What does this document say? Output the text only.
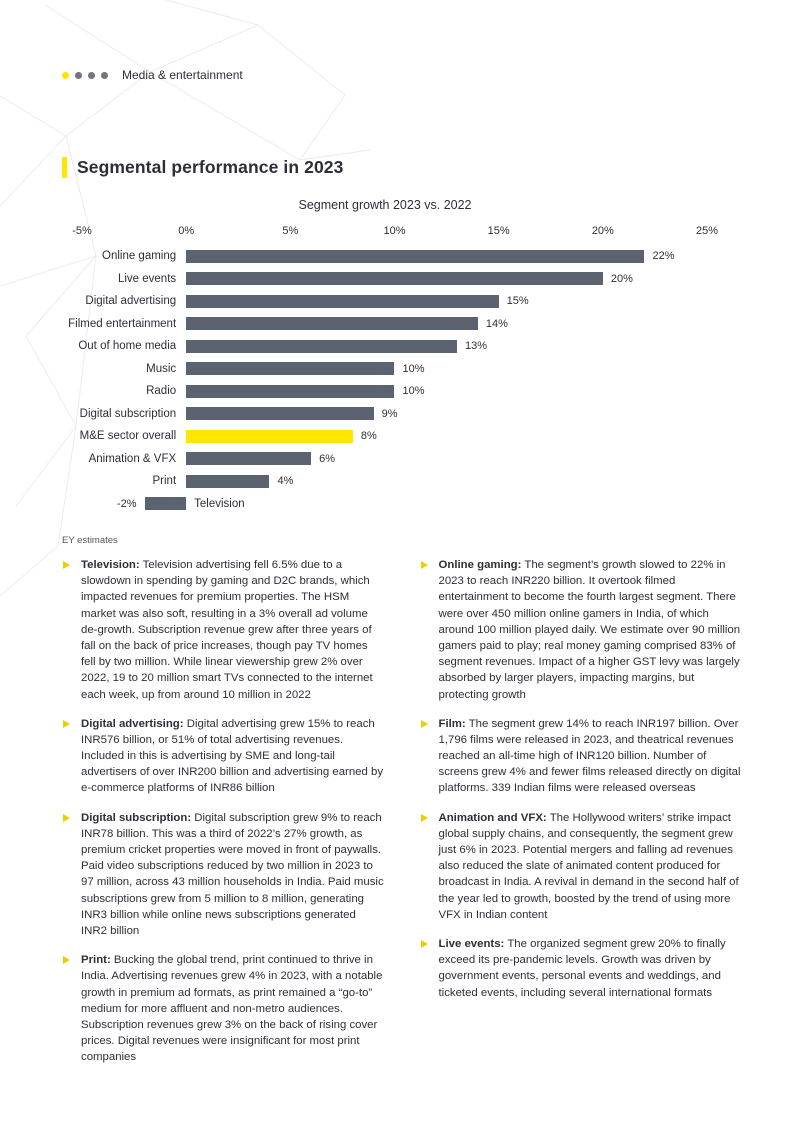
Media & entertainment
Segmental performance in 2023
Segment growth 2023 vs. 2022
-5%	0%	5%	10%	15%	20%	25%
Online gaming	22%
Live events	20%
Digital advertising	15%
Filmed entertainment	14%
Out of home media	13%
Music	10%
Radio	10%
Digital subscription	9%
M&E sector overall	8%
Animation & VFX	6%
Print	4%
Television
-2%
EY estimates

Television: Television advertising fell 6.5% due to a slowdown in spending by gaming and D2C brands, which impacted revenues for premium properties. The HSM market was also soft, resulting in a 3% overall ad volume de-growth. Subscription revenue grew after three years of fall on the back of price increases, though pay TV homes fell by two million. While linear viewership grew 2% over 2022, 19 to 20 million smart TVs connected to the internet each week, up from around 10 million in 2022

Digital advertising: Digital advertising grew 15% to reach INR576 billion, or 51% of total advertising revenues. Included in this is advertising by SME and long-tail advertisers of over INR200 billion and advertising earned by e-commerce platforms of INR86 billion

Digital subscription: Digital subscription grew 9% to reach INR78 billion. This was a third of 2022’s 27% growth, as premium cricket properties were moved in front of paywalls. Paid video subscriptions reduced by two million in 2023 to 97 million, across 43 million households in India. Paid music subscriptions grew from 5 million to 8 million, generating INR3 billion while online news subscriptions generated INR2 billion

Print: Bucking the global trend, print continued to thrive in India. Advertising revenues grew 4% in 2023, with a notable growth in premium ad formats, as print remained a “go-to” medium for more affluent and non-metro audiences. Subscription revenues grew 3% on the back of rising cover prices. Digital revenues were insignificant for most print companies

Online gaming: The segment’s growth slowed to 22% in 2023 to reach INR220 billion. It overtook filmed entertainment to become the fourth largest segment. There were over 450 million online gamers in India, of which around 100 million played daily. We estimate over 90 million gamers paid to play; real money gaming comprised 83% of segment revenues. Impact of a higher GST levy was largely absorbed by larger players, impacting margins, but protecting growth

Film: The segment grew 14% to reach INR197 billion. Over 1,796 films were released in 2023, and theatrical revenues reached an all-time high of INR120 billion. Number of screens grew 4% and fewer films released directly on digital platforms. 339 Indian films were released overseas

Animation and VFX: The Hollywood writers’ strike impact global supply chains, and consequently, the segment grew just 6% in 2023. Potential mergers and falling ad revenues also reduced the slate of animated content produced for broadcast in India. A revival in demand in the second half of the year led to growth, boosted by the trend of using more VFX in Indian content

Live events: The organized segment grew 20% to finally exceed its pre-pandemic levels. Growth was driven by government events, personal events and weddings, and ticketed events, including several international formats
